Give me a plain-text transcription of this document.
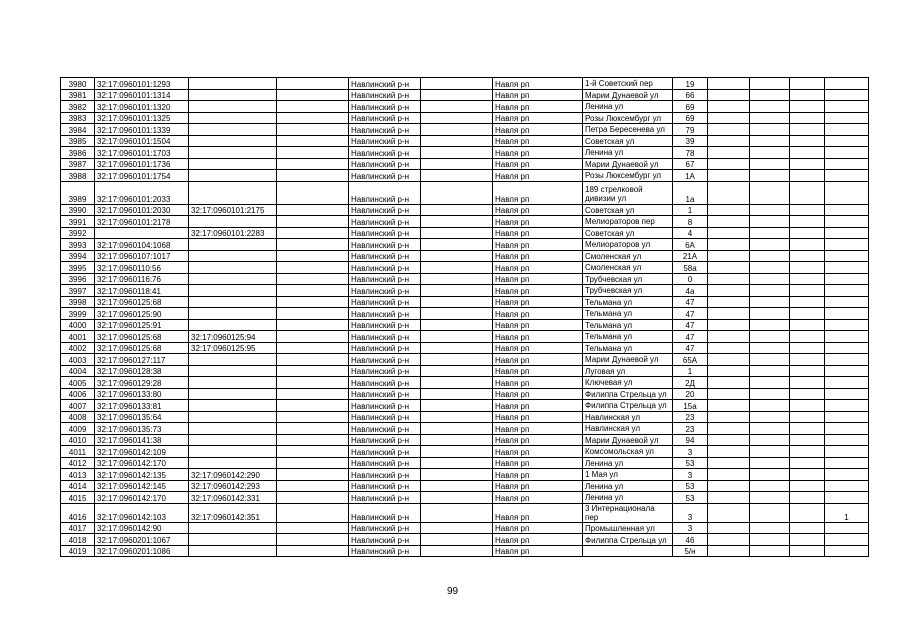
3980	32:17:0960101:1293			Навлинский р-н		Навля рп	1-й Советский пер	19				
3981	32:17:0960101:1314			Навлинский р-н		Навля рп	Марии Дунаевой ул	66				
3982	32:17:0960101:1320			Навлинский р-н		Навля рп	Ленина ул	69				
3983	32:17:0960101:1325			Навлинский р-н		Навля рп	Розы Люксембург ул	69				
3984	32:17:0960101:1339			Навлинский р-н		Навля рп	Петра Бересенева ул	79				
3985	32:17:0960101:1504			Навлинский р-н		Навля рп	Советская ул	39				
3986	32:17:0960101:1703			Навлинский р-н		Навля рп	Ленина ул	78				
3987	32:17:0960101:1736			Навлинский р-н		Навля рп	Марии Дунаевой ул	67				
3988	32:17:0960101:1754			Навлинский р-н		Навля рп	Розы Люксембург ул	1А				
3989	32:17:0960101:2033			Навлинский р-н		Навля рп	189 стрелковой дивизии ул	1а				
3990	32:17:0960101:2030	32:17:0960101:2175		Навлинский р-н		Навля рп	Советская ул	1				
3991	32:17:0960101:2178			Навлинский р-н		Навля рп	Мелиораторов пер	8				
3992		32:17:0960101:2283		Навлинский р-н		Навля рп	Советская ул	4				
3993	32:17:0960104:1068			Навлинский р-н		Навля рп	Мелиораторов ул	6А				
3994	32:17:0960107:1017			Навлинский р-н		Навля рп	Смоленская ул	21А				
3995	32:17:0960110:56			Навлинский р-н		Навля рп	Смоленская ул	58а				
3996	32:17:0960116:76			Навлинский р-н		Навля рп	Трубчевская ул	0				
3997	32:17:0960118:41			Навлинский р-н		Навля рп	Трубчевская ул	4а				
3998	32:17:0960125:68			Навлинский р-н		Навля рп	Тельмана ул	47				
3999	32:17:0960125:90			Навлинский р-н		Навля рп	Тельмана ул	47				
4000	32:17:0960125:91			Навлинский р-н		Навля рп	Тельмана ул	47				
4001	32:17:0960125:68	32:17:0960125:94		Навлинский р-н		Навля рп	Тельмана ул	47				
4002	32:17:0960125:68	32:17:0960125:95		Навлинский р-н		Навля рп	Тельмана ул	47				
4003	32:17:0960127:117			Навлинский р-н		Навля рп	Марии Дунаевой ул	65А				
4004	32:17:0960128:38			Навлинский р-н		Навля рп	Луговая ул	1				
4005	32:17:0960129:28			Навлинский р-н		Навля рп	Ключевая ул	2Д				
4006	32:17:0960133:80			Навлинский р-н		Навля рп	Филиппа Стрельца ул	20				
4007	32:17:0960133:81			Навлинский р-н		Навля рп	Филиппа Стрельца ул	15а				
4008	32:17:0960135:64			Навлинский р-н		Навля рп	Навлинская ул	23				
4009	32:17:0960135:73			Навлинский р-н		Навля рп	Навлинская ул	23				
4010	32:17:0960141:38			Навлинский р-н		Навля рп	Марии Дунаевой ул	94				
4011	32:17:0960142:109			Навлинский р-н		Навля рп	Комсомольская ул	3				
4012	32:17:0960142:170			Навлинский р-н		Навля рп	Ленина ул	53				
4013	32:17:0960142:135	32:17:0960142:290		Навлинский р-н		Навля рп	1 Мая ул	3				
4014	32:17:0960142:145	32:17:0960142:293		Навлинский р-н		Навля рп	Ленина ул	53				
4015	32:17:0960142:170	32:17:0960142:331		Навлинский р-н		Навля рп	Ленина ул	53				
4016	32:17:0960142:103	32:17:0960142:351		Навлинский р-н		Навля рп	3 Интернационала пер	3				1
4017	32:17:0960142:90			Навлинский р-н		Навля рп	Промышленная ул	3				
4018	32:17:0960201:1067			Навлинский р-н		Навля рп	Филиппа Стрельца ул	46				
4019	32:17:0960201:1086			Навлинский р-н		Навля рп		5/н				
99
